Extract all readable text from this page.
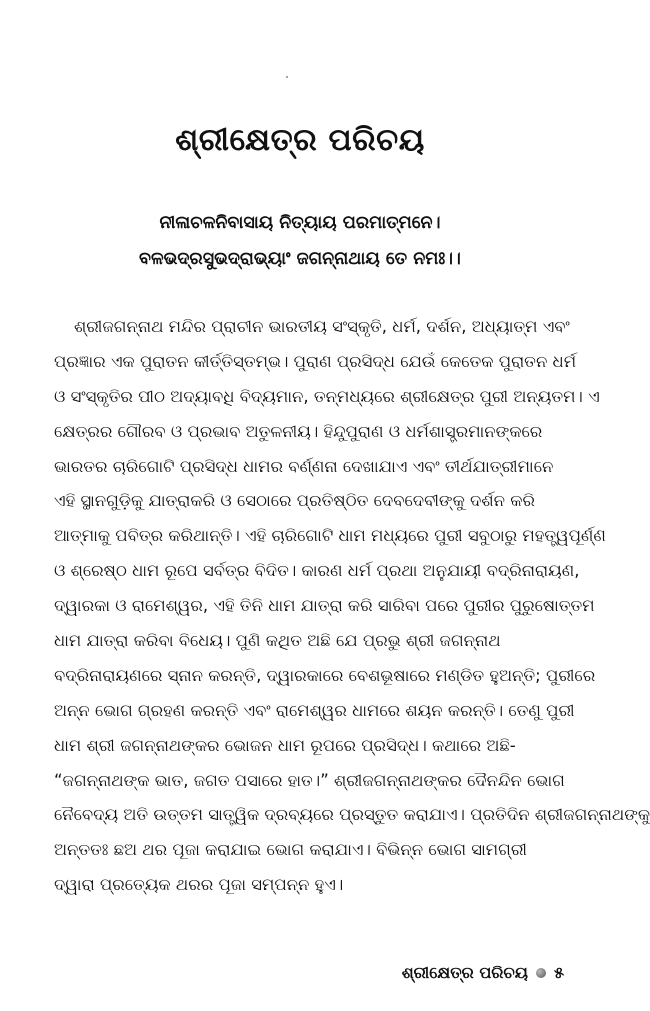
ଶ୍ରୀକ୍ଷେତ୍ର ପରିଚୟ
ନୀଳାଚଳନିବାସାୟ ନିତ୍ୟାୟ ପରମାତ୍ମନେ।
ବଳଭଦ୍ରସୁଭଦ୍ରାଭ୍ୟାଂ ଜଗନ୍ନାଥାୟ ତେ ନମଃ।।
ଶ୍ରୀଜଗନ୍ନାଥ ମନ୍ଦିର ପ୍ରାଚୀନ ଭାରତୀୟ ସଂସ୍କୃତି, ଧର୍ମ, ଦର୍ଶନ, ଅଧ୍ୟାତ୍ମ ଏବଂ
ପ୍ରଜ୍ଞାର ଏକ ପୁରାତନ କୀର୍ତ୍ତିସ୍ତମ୍ଭ। ପୁରାଣ ପ୍ରସିଦ୍ଧ ଯେଉଁ କେତେକ ପୁରାତନ ଧର୍ମ
ଓ ସଂସ୍କୃତିର ପୀଠ ଅଦ୍ୟାବଧି ବିଦ୍ୟମାନ, ତନ୍ମଧ୍ୟରେ ଶ୍ରୀକ୍ଷେତ୍ର ପୁରୀ ଅନ୍ୟତମ। ଏ
କ୍ଷେତ୍ରର ଗୌରବ ଓ ପ୍ରଭାବ ଅତୁଳନୀୟ। ହିନ୍ଦୁପୁରାଣ ଓ ଧର୍ମଶାସ୍ତ୍ରମାନଙ୍କରେ
ଭାରତର ଚାରିଗୋଟି ପ୍ରସିଦ୍ଧ ଧାମର ବର୍ଣ୍ଣନା ଦେଖାଯାଏ ଏବଂ ତୀର୍ଥଯାତ୍ରୀମାନେ
ଏହି ସ୍ଥାନଗୁଡ଼ିକୁ ଯାତ୍ରାକରି ଓ ସେଠାରେ ପ୍ରତିଷ୍ଠିତ ଦେବଦେବୀଙ୍କୁ ଦର୍ଶନ କରି
ଆତ୍ମାକୁ ପବିତ୍ର କରିଥାନ୍ତି। ଏହି ଚାରିଗୋଟି ଧାମ ମଧ୍ୟରେ ପୁରୀ ସବୁଠାରୁ ମହତ୍ତ୍ୱପୂର୍ଣ୍ଣ
ଓ ଶ୍ରେଷ୍ଠ ଧାମ ରୂପେ ସର୍ବତ୍ର ବିଦିତ। କାରଣ ଧର୍ମ ପ୍ରଥା ଅନୁଯାୟୀ ବଦ୍ରିନାରାୟଣ,
ଦ୍ୱାରକା ଓ ରାମେଶ୍ୱର, ଏହି ତିନି ଧାମ ଯାତ୍ରା କରି ସାରିବା ପରେ ପୁରୀର ପୁରୁଷୋତ୍ତମ
ଧାମ ଯାତ୍ରା କରିବା ବିଧେୟ। ପୁଣି କଥିତ ଅଛି ଯେ ପ୍ରଭୁ ଶ୍ରୀ ଜଗନ୍ନାଥ
ବଦ୍ରିନାରାୟଣରେ ସ୍ନାନ କରନ୍ତି, ଦ୍ୱାରକାରେ ବେଶଭୂଷାରେ ମଣ୍ଡିତ ହୁଅନ୍ତି; ପୁରୀରେ
ଅନ୍ନ ଭୋଗ ଗ୍ରହଣ କରନ୍ତି ଏବଂ ରାମେଶ୍ୱର ଧାମରେ ଶୟନ କରନ୍ତି। ତେଣୁ ପୁରୀ
ଧାମ ଶ୍ରୀ ଜଗନ୍ନାଥଙ୍କର ଭୋଜନ ଧାମ ରୂପରେ ପ୍ରସିଦ୍ଧ। କଥାରେ ଅଛି-
“ଜଗନ୍ନାଥଙ୍କ ଭାତ, ଜଗତ ପସାରେ ହାତ।” ଶ୍ରୀଜଗନ୍ନାଥଙ୍କର ଦୈନନ୍ଦିନ ଭୋଗ
ନୈବେଦ୍ୟ ଅତି ଉତ୍ତମ ସାତ୍ତ୍ୱିକ ଦ୍ରବ୍ୟରେ ପ୍ରସ୍ତୁତ କରାଯାଏ। ପ୍ରତିଦିନ ଶ୍ରୀଜଗନ୍ନାଥଙ୍କୁ
ଅନ୍ତତଃ ଛଅ ଥର ପୂଜା କରାଯାଇ ଭୋଗ କରାଯାଏ। ବିଭିନ୍ନ ଭୋଗ ସାମଗ୍ରୀ
ଦ୍ୱାରା ପ୍ରତ୍ୟେକ ଥରର ପୂଜା ସମ୍ପନ୍ନ ହୁଏ।
ଶ୍ରୀକ୍ଷେତ୍ର ପରିଚୟ ୫
